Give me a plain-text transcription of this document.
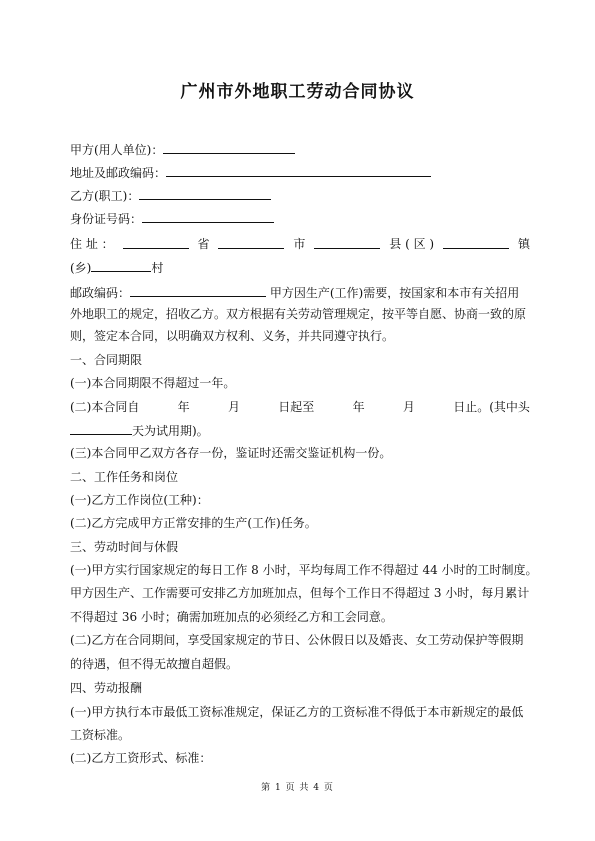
广州市外地职工劳动合同协议
甲方(用人单位)：
地址及邮政编码：
乙方(职工)：
身份证号码：
住 址 ：	省	市	县 ( 区 )	镇
(乡)	村
邮政编码：	甲方因生产(工作)需要，按国家和本市有关招用
外地职工的规定，招收乙方。双方根据有关劳动管理规定，按平等自愿、协商一致的原
则，签定本合同，以明确双方权利、义务，并共同遵守执行。
一、合同期限
(一)本合同期限不得超过一年。
(二)本合同自	年	月	日起至	年	月	日止。(其中头
天为试用期)。
(三)本合同甲乙双方各存一份，鉴证时还需交鉴证机构一份。
二、工作任务和岗位
(一)乙方工作岗位(工种)：
(二)乙方完成甲方正常安排的生产(工作)任务。
三、劳动时间与休假
(一)甲方实行国家规定的每日工作 8 小时，平均每周工作不得超过 44 小时的工时制度。
甲方因生产、工作需要可安排乙方加班加点，但每个工作日不得超过 3 小时，每月累计
不得超过 36 小时；确需加班加点的必须经乙方和工会同意。
(二)乙方在合同期间，享受国家规定的节日、公休假日以及婚丧、女工劳动保护等假期
的待遇，但不得无故擅自超假。
四、劳动报酬
(一)甲方执行本市最低工资标准规定，保证乙方的工资标准不得低于本市新规定的最低
工资标准。
(二)乙方工资形式、标准：
第 1 页 共 4 页
